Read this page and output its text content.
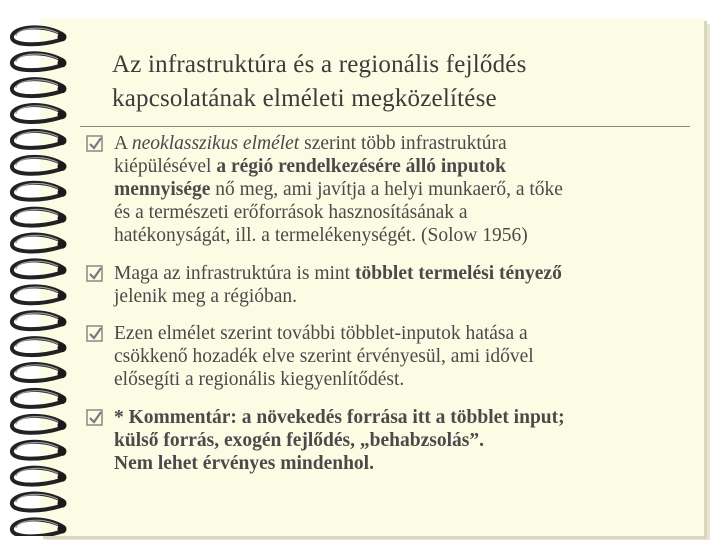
Az infrastruktúra és a regionális fejlődés
kapcsolatának elméleti megközelítése
A neoklasszikus elmélet szerint több infrastruktúra
kiépülésével a régió rendelkezésére álló inputok
mennyisége nő meg, ami javítja a helyi munkaerő, a tőke
és a természeti erőforrások hasznosításának a
hatékonyságát, ill. a termelékenységét. (Solow 1956)
Maga az infrastruktúra is mint többlet termelési tényező
jelenik meg a régióban.
Ezen elmélet szerint további többlet-inputok hatása a
csökkenő hozadék elve szerint érvényesül, ami idővel
elősegíti a regionális kiegyenlítődést.
* Kommentár: a növekedés forrása itt a többlet input;
külső forrás, exogén fejlődés, „behabzsolás”.
Nem lehet érvényes mindenhol.
